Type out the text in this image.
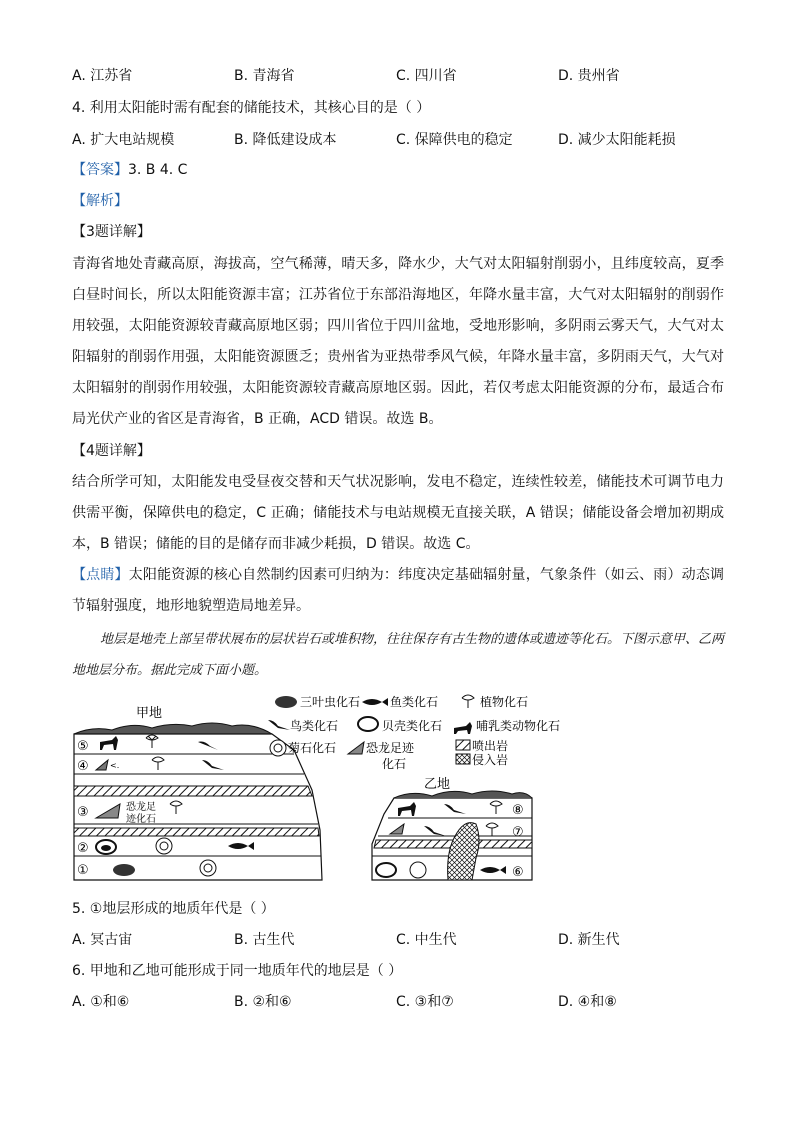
A. 江苏省	B. 青海省	C. 四川省	D. 贵州省
4. 利用太阳能时需有配套的储能技术，其核心目的是（ ）
A. 扩大电站规模	B. 降低建设成本	C. 保障供电的稳定	D. 减少太阳能耗损
【答案】3. B 4. C
【解析】
【3题详解】
青海省地处青藏高原，海拔高，空气稀薄，晴天多，降水少，大气对太阳辐射削弱小，且纬度较高，夏季白昼时间长，所以太阳能资源丰富；江苏省位于东部沿海地区，年降水量丰富，大气对太阳辐射的削弱作用较强，太阳能资源较青藏高原地区弱；四川省位于四川盆地，受地形影响，多阴雨云雾天气，大气对太阳辐射的削弱作用强，太阳能资源匮乏；贵州省为亚热带季风气候，年降水量丰富，多阴雨天气，大气对太阳辐射的削弱作用较强，太阳能资源较青藏高原地区弱。因此，若仅考虑太阳能资源的分布，最适合布局光伏产业的省区是青海省，B 正确，ACD 错误。故选 B。
【4题详解】
结合所学可知，太阳能发电受昼夜交替和天气状况影响，发电不稳定，连续性较差，储能技术可调节电力供需平衡，保障供电的稳定，C 正确；储能技术与电站规模无直接关联，A 错误；储能设备会增加初期成本，B 错误；储能的目的是储存而非减少耗损，D 错误。故选 C。
【点睛】太阳能资源的核心自然制约因素可归纳为：纬度决定基础辐射量，气象条件（如云、雨）动态调节辐射强度，地形地貌塑造局地差异。
地层是地壳上部呈带状展布的层状岩石或堆积物，往往保存有古生物的遗体或遗迹等化石。下图示意甲、乙两地地层分布。据此完成下面小题。
甲地
⑤
④
③
②
①
<.
恐龙足
迹化石
三叶虫化石 鱼类化石	植物化石
鸟类化石	贝壳类化石	哺乳类动物化石
菊石化石 恐龙足迹
化石
喷出岩
侵入岩
乙地
⑧
⑦
⑥
5. ①地层形成的地质年代是（ ）
A. 冥古宙	B. 古生代	C. 中生代	D. 新生代
6. 甲地和乙地可能形成于同一地质年代的地层是（ ）
A. ①和⑥	B. ②和⑥	C. ③和⑦	D. ④和⑧
